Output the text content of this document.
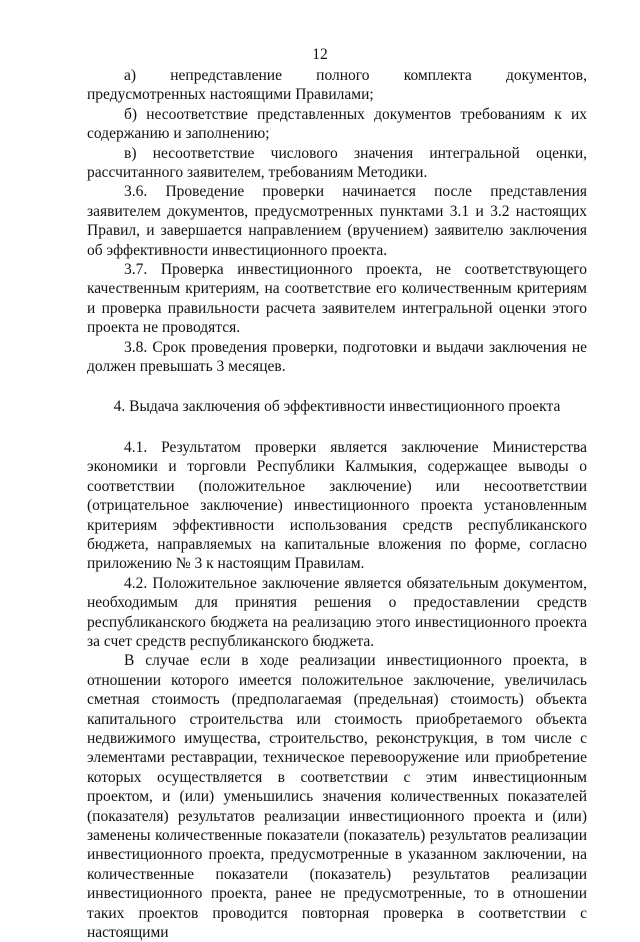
12

а) непредставление полного комплекта документов, предусмотренных настоящими Правилами;

б) несоответствие представленных документов требованиям к их содержанию и заполнению;

в) несоответствие числового значения интегральной оценки, рассчитанного заявителем, требованиям Методики.

3.6. Проведение проверки начинается после представления заявителем документов, предусмотренных пунктами 3.1 и 3.2 настоящих Правил, и завершается направлением (вручением) заявителю заключения об эффективности инвестиционного проекта.

3.7. Проверка инвестиционного проекта, не соответствующего качественным критериям, на соответствие его количественным критериям и проверка правильности расчета заявителем интегральной оценки этого проекта не проводятся.

3.8. Срок проведения проверки, подготовки и выдачи заключения не должен превышать 3 месяцев.

4. Выдача заключения об эффективности инвестиционного проекта

4.1. Результатом проверки является заключение Министерства экономики и торговли Республики Калмыкия, содержащее выводы о соответствии (положительное заключение) или несоответствии (отрицательное заключение) инвестиционного проекта установленным критериям эффективности использования средств республиканского бюджета, направляемых на капитальные вложения по форме, согласно приложению № 3 к настоящим Правилам.

4.2. Положительное заключение является обязательным документом, необходимым для принятия решения о предоставлении средств республиканского бюджета на реализацию этого инвестиционного проекта за счет средств республиканского бюджета.

В случае если в ходе реализации инвестиционного проекта, в отношении которого имеется положительное заключение, увеличилась сметная стоимость (предполагаемая (предельная) стоимость) объекта капитального строительства или стоимость приобретаемого объекта недвижимого имущества, строительство, реконструкция, в том числе с элементами реставрации, техническое перевооружение или приобретение которых осуществляется в соответствии с этим инвестиционным проектом, и (или) уменьшились значения количественных показателей (показателя) результатов реализации инвестиционного проекта и (или) заменены количественные показатели (показатель) результатов реализации инвестиционного проекта, предусмотренные в указанном заключении, на количественные показатели (показатель) результатов реализации инвестиционного проекта, ранее не предусмотренные, то в отношении таких проектов проводится повторная проверка в соответствии с настоящими
